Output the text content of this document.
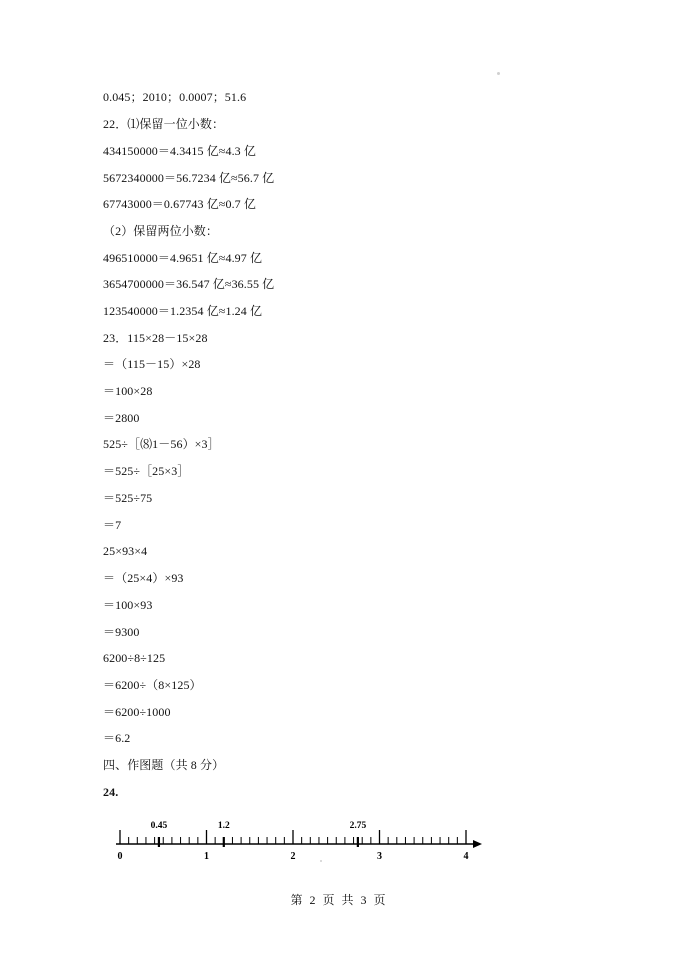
0.045；2010；0.0007；51.6
22．⑴保留一位小数：
434150000＝4.3415 亿≈4.3 亿
5672340000＝56.7234 亿≈56.7 亿
67743000＝0.67743 亿≈0.7 亿
（2）保留两位小数：
496510000＝4.9651 亿≈4.97 亿
3654700000＝36.547 亿≈36.55 亿
123540000＝1.2354 亿≈1.24 亿
23．115×28－15×28
＝（115－15）×28
＝100×28
＝2800
525÷［⑻1－56）×3］
＝525÷［25×3］
＝525÷75
＝7
25×93×4
＝（25×4）×93
＝100×93
＝9300
6200÷8÷125
＝6200÷（8×125）
＝6200÷1000
＝6.2
四、作图题（共 8 分）
24.
0	1	2	3	4
0.45	1.2	2.75
第 2 页 共 3 页
